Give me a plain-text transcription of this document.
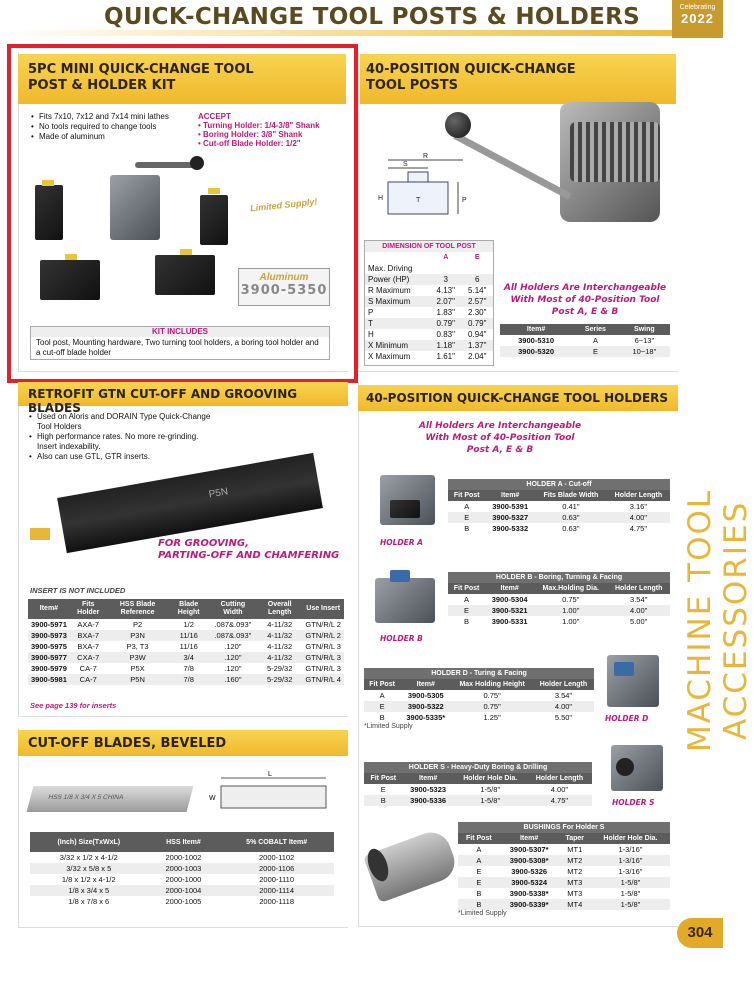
QUICK-CHANGE TOOL POSTS & HOLDERS	Celebrating
2022
5PC MINI QUICK-CHANGE TOOL
POST & HOLDER KIT
• Fits 7x10, 7x12 and 7x14 mini lathes
• No tools required to change tools
• Made of aluminum
ACCEPT
• Turning Holder: 1/4-3/8" Shank
• Boring Holder: 3/8" Shank
• Cut-off Blade Holder: 1/2"
Limited Supply!
Aluminum
3900-5350
KIT INCLUDES
Tool post, Mounting hardware, Two turning tool holders, a boring tool holder and a cut-off blade holder
40-POSITION QUICK-CHANGE
TOOL POSTS
R
S
T
H	P
DIMENSION OF TOOL POST
	A	E
Max. Driving		
Power (HP)	3	6
R Maximum	4.13"	5.14"
S Maximum	2.07"	2.57"
P	1.83"	2.30"
T	0.79"	0.79"
H	0.83"	0.94"
X Minimum	1.18"	1.37"
X Maximum	1.61"	2.04"
All Holders Are Interchangeable
With Most of 40-Position Tool
Post A, E & B
Item#	Series	Swing
3900-5310	A	6~13"
3900-5320	E	10~18"
RETROFIT GTN CUT-OFF AND GROOVING BLADES
• Used on Aloris and DORAIN Type Quick-Change Tool Holders
• High performance rates. No more re-grinding. Insert indexability.
• Also can use GTL, GTR inserts.
P5N
FOR GROOVING,
PARTING-OFF AND CHAMFERING
INSERT IS NOT INCLUDED
Item#	Fits Holder	HSS Blade Reference	Blade Height	Cutting Width	Overall Length	Use Insert
3900-5971	AXA-7	P2	1/2	.087&.093"	4-11/32	GTN/R/L 2
3900-5973	BXA-7	P3N	11/16	.087&.093"	4-11/32	GTN/R/L 2
3900-5975	BXA-7	P3, T3	11/16	.120"	4-11/32	GTN/R/L 3
3900-5977	CXA-7	P3W	3/4	.120"	4-11/32	GTN/R/L 3
3900-5979	CA-7	P5X	7/8	.120"	5-29/32	GTN/R/L 3
3900-5981	CA-7	P5N	7/8	.160"	5-29/32	GTN/R/L 4
See page 139 for inserts
CUT-OFF BLADES, BEVELED
HSS 1/8 X 3/4 X 5 CHINA
L
W
(Inch) Size(TxWxL)	HSS Item#	5% COBALT Item#
3/32 x 1/2 x 4-1/2	2000-1002	2000-1102
3/32 x 5/8 x 5	2000-1003	2000-1106
1/8 x 1/2 x 4-1/2	2000-1000	2000-1110
1/8 x 3/4 x 5	2000-1004	2000-1114
1/8 x 7/8 x 6	2000-1005	2000-1118
40-POSITION QUICK-CHANGE TOOL HOLDERS
All Holders Are Interchangeable
With Most of 40-Position Tool
Post A, E & B
HOLDER A
HOLDER A - Cut-off
Fit Post	Item#	Fits Blade Width	Holder Length
A	3900-5391	0.41"	3.16"
E	3900-5327	0.63"	4.00"
B	3900-5332	0.63"	4.75"
HOLDER B
HOLDER B - Boring, Turning & Facing
Fit Post	Item#	Max.Holding Dia.	Holder Length
A	3900-5304	0.75"	3.54"
E	3900-5321	1.00"	4.00"
B	3900-5331	1.00"	5.00"
HOLDER D - Turing & Facing
Fit Post	Item#	Max Holding Height	Holder Length
A	3900-5305	0.75"	3.54"
E	3900-5322	0.75"	4.00"
B	3900-5335*	1.25"	5.50"
*Limited Supply
HOLDER D
HOLDER S - Heavy-Duty Boring & Drilling
Fit Post	Item#	Holder Hole Dia.	Holder Length
E	3900-5323	1-5/8"	4.00"
B	3900-5336	1-5/8"	4.75"	HOLDER S
BUSHINGS For Holder S
Fit Post	Item#	Taper	Holder Hole Dia.
A	3900-5307*	MT1	1-3/16"
A	3900-5308*	MT2	1-3/16"
E	3900-5326	MT2	1-3/16"
E	3900-5324	MT3	1-5/8"
B	3900-5338*	MT3	1-5/8"
B	3900-5339*	MT4	1-5/8"
*Limited Supply
MACHINE TOOL ACCESSORIES
304
